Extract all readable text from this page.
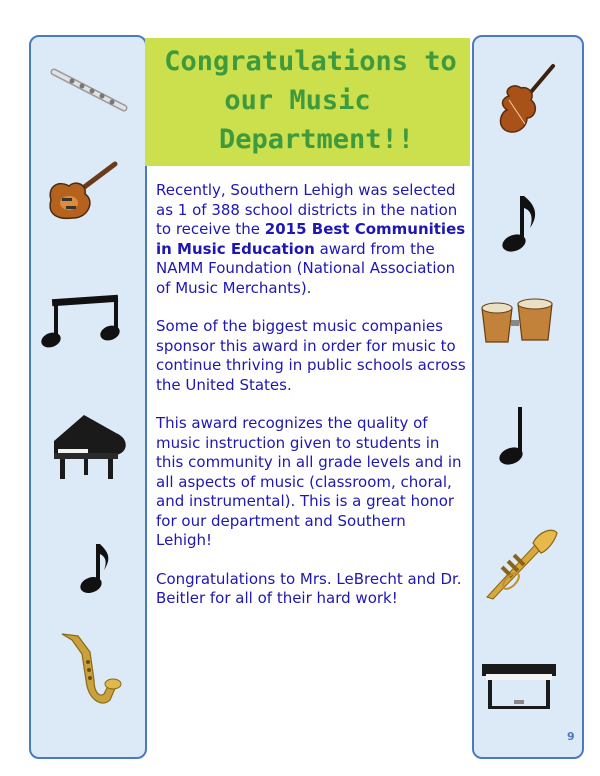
Congratulations to
our Music
Department!!

Recently, Southern Lehigh was selected as 1 of 388 school districts in the nation to receive the 2015 Best Communities in Music Education award from the NAMM Foundation (National Association of Music Merchants).

Some of the biggest music companies sponsor this award in order for music to continue thriving in public schools across the United States.

This award recognizes the quality of music instruction given to students in this community in all grade levels and in all aspects of music (classroom, choral, and instrumental). This is a great honor for our department and Southern Lehigh!

Congratulations to Mrs. LeBrecht and Dr. Beitler for all of their hard work!

9
